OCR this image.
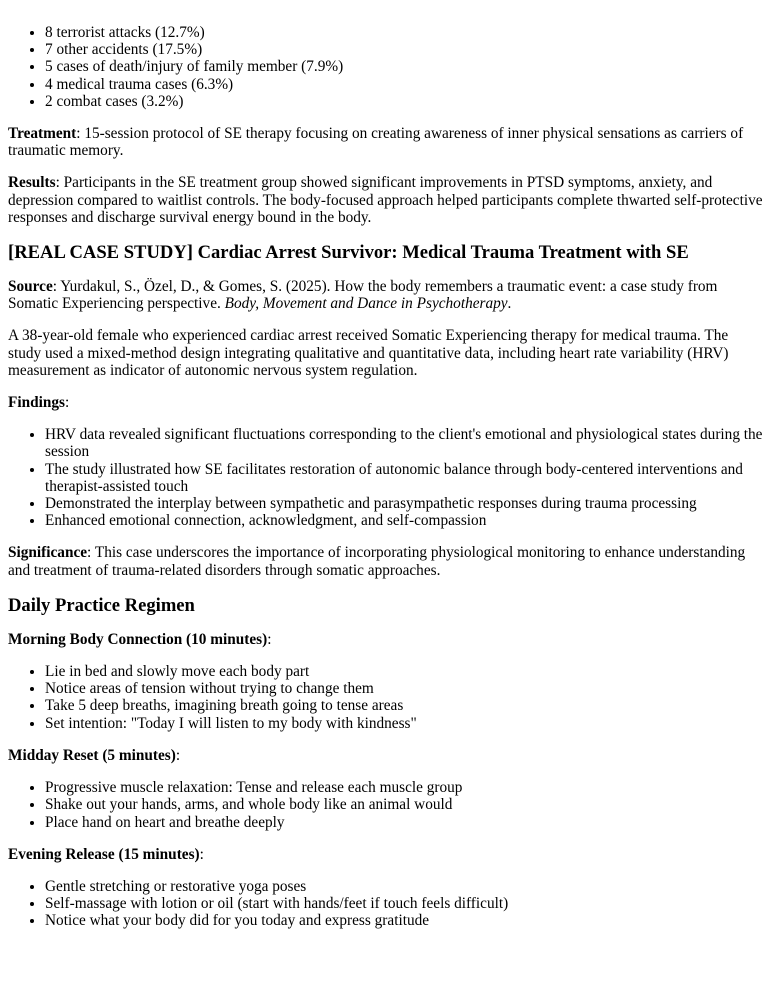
• 8 terrorist attacks (12.7%)
• 7 other accidents (17.5%)
• 5 cases of death/injury of family member (7.9%)
• 4 medical trauma cases (6.3%)
• 2 combat cases (3.2%)

Treatment: 15-session protocol of SE therapy focusing on creating awareness of inner physical sensations as carriers of traumatic memory.

Results: Participants in the SE treatment group showed significant improvements in PTSD symptoms, anxiety, and depression compared to waitlist controls. The body-focused approach helped participants complete thwarted self-protective responses and discharge survival energy bound in the body.

[REAL CASE STUDY] Cardiac Arrest Survivor: Medical Trauma Treatment with SE

Source: Yurdakul, S., Özel, D., & Gomes, S. (2025). How the body remembers a traumatic event: a case study from Somatic Experiencing perspective. Body, Movement and Dance in Psychotherapy.

A 38-year-old female who experienced cardiac arrest received Somatic Experiencing therapy for medical trauma. The study used a mixed-method design integrating qualitative and quantitative data, including heart rate variability (HRV) measurement as indicator of autonomic nervous system regulation.

Findings:

• HRV data revealed significant fluctuations corresponding to the client's emotional and physiological states during the session
• The study illustrated how SE facilitates restoration of autonomic balance through body-centered interventions and therapist-assisted touch
• Demonstrated the interplay between sympathetic and parasympathetic responses during trauma processing
• Enhanced emotional connection, acknowledgment, and self-compassion

Significance: This case underscores the importance of incorporating physiological monitoring to enhance understanding and treatment of trauma-related disorders through somatic approaches.

Daily Practice Regimen

Morning Body Connection (10 minutes):

• Lie in bed and slowly move each body part
• Notice areas of tension without trying to change them
• Take 5 deep breaths, imagining breath going to tense areas
• Set intention: "Today I will listen to my body with kindness"

Midday Reset (5 minutes):

• Progressive muscle relaxation: Tense and release each muscle group
• Shake out your hands, arms, and whole body like an animal would
• Place hand on heart and breathe deeply

Evening Release (15 minutes):

• Gentle stretching or restorative yoga poses
• Self-massage with lotion or oil (start with hands/feet if touch feels difficult)
• Notice what your body did for you today and express gratitude
